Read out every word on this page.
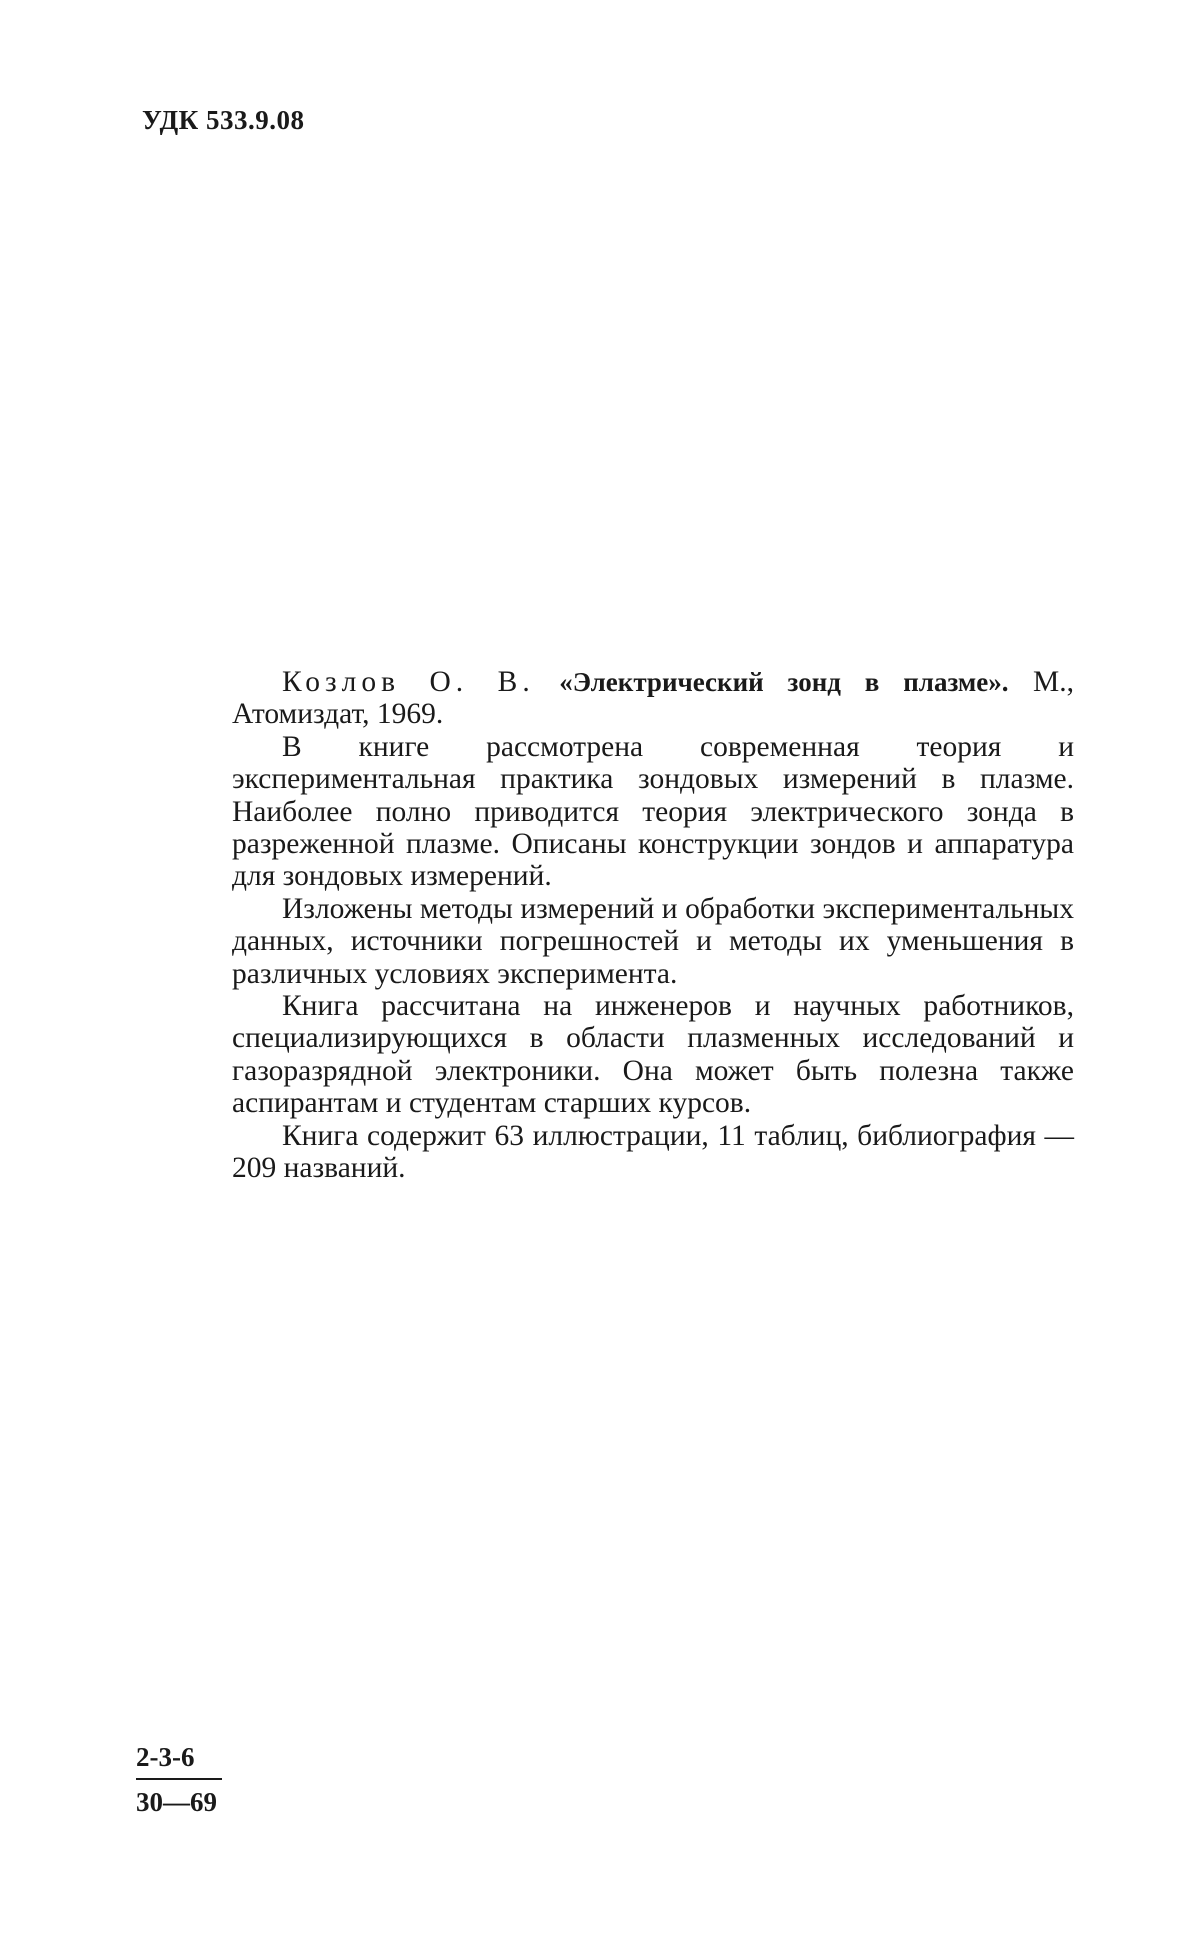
УДК 533.9.08

Козлов О. В. «Электрический зонд в плазме». М., Атомиздат, 1969.

В книге рассмотрена современная теория и экспериментальная практика зондовых измерений в плазме. Наиболее полно приводится теория электрического зонда в разреженной плазме. Описаны конструкции зондов и аппаратура для зондовых измерений.

Изложены методы измерений и обработки экспериментальных данных, источники погрешностей и методы их уменьшения в различных условиях эксперимента.

Книга рассчитана на инженеров и научных работников, специализирующихся в области плазменных исследований и газоразрядной электроники. Она может быть полезна также аспирантам и студентам старших курсов.

Книга содержит 63 иллюстрации, 11 таблиц, библиография — 209 названий.

2-3-6
30—69
